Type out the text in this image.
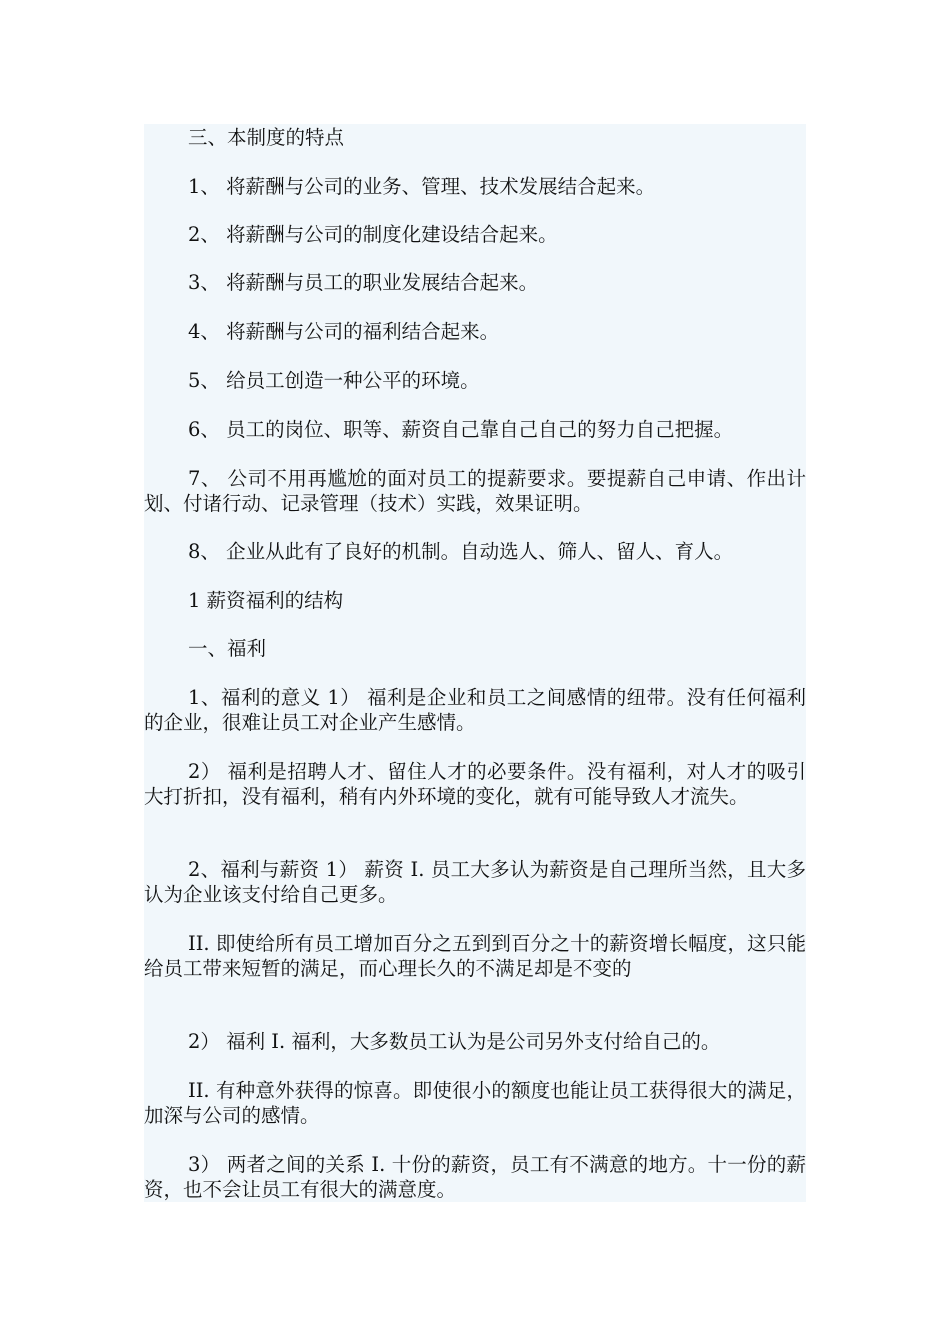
三、本制度的特点

1、 将薪酬与公司的业务、管理、技术发展结合起来。

2、 将薪酬与公司的制度化建设结合起来。

3、 将薪酬与员工的职业发展结合起来。

4、 将薪酬与公司的福利结合起来。

5、 给员工创造一种公平的环境。

6、 员工的岗位、职等、薪资自己靠自己自己的努力自己把握。

7、 公司不用再尴尬的面对员工的提薪要求。要提薪自己申请、作出计划、付诸行动、记录管理（技术）实践，效果证明。

8、 企业从此有了良好的机制。自动选人、筛人、留人、育人。

1 薪资福利的结构

一、福利

1、福利的意义 1） 福利是企业和员工之间感情的纽带。没有任何福利的企业，很难让员工对企业产生感情。

2） 福利是招聘人才、留住人才的必要条件。没有福利，对人才的吸引大打折扣，没有福利，稍有内外环境的变化，就有可能导致人才流失。

2、福利与薪资 1） 薪资 I. 员工大多认为薪资是自己理所当然，且大多认为企业该支付给自己更多。

II. 即使给所有员工增加百分之五到到百分之十的薪资增长幅度，这只能给员工带来短暂的满足，而心理长久的不满足却是不变的

2） 福利 I. 福利，大多数员工认为是公司另外支付给自己的。

II. 有种意外获得的惊喜。即使很小的额度也能让员工获得很大的满足，加深与公司的感情。

3） 两者之间的关系 I. 十份的薪资，员工有不满意的地方。十一份的薪资，也不会让员工有很大的满意度。
